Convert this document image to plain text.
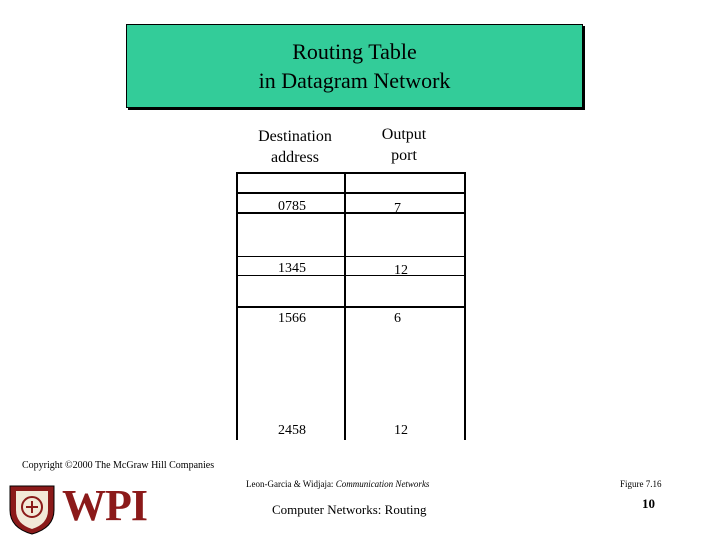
Routing Table
in Datagram Network
Destination
address
Output
port
0785	7
1345	12
1566	6
2458	12
Copyright ©2000 The McGraw Hill Companies
Leon-Garcia & Widjaja: Communication Networks	Figure 7.16
Computer Networks: Routing	10
WPI
